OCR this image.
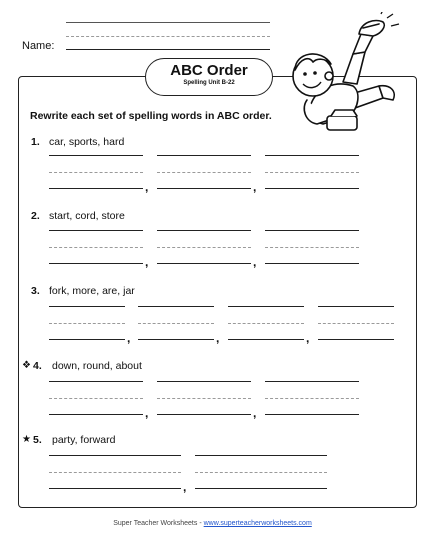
Name:
ABC Order
Spelling Unit B-22
Rewrite each set of spelling words in ABC order.
1. car, sports, hard
,	,
2. start, cord, store
,	,
3. fork, more, are, jar
,	,	,
❖ 4. down, round, about
,	,
★ 5. party, forward
,
Super Teacher Worksheets - www.superteacherworksheets.com
